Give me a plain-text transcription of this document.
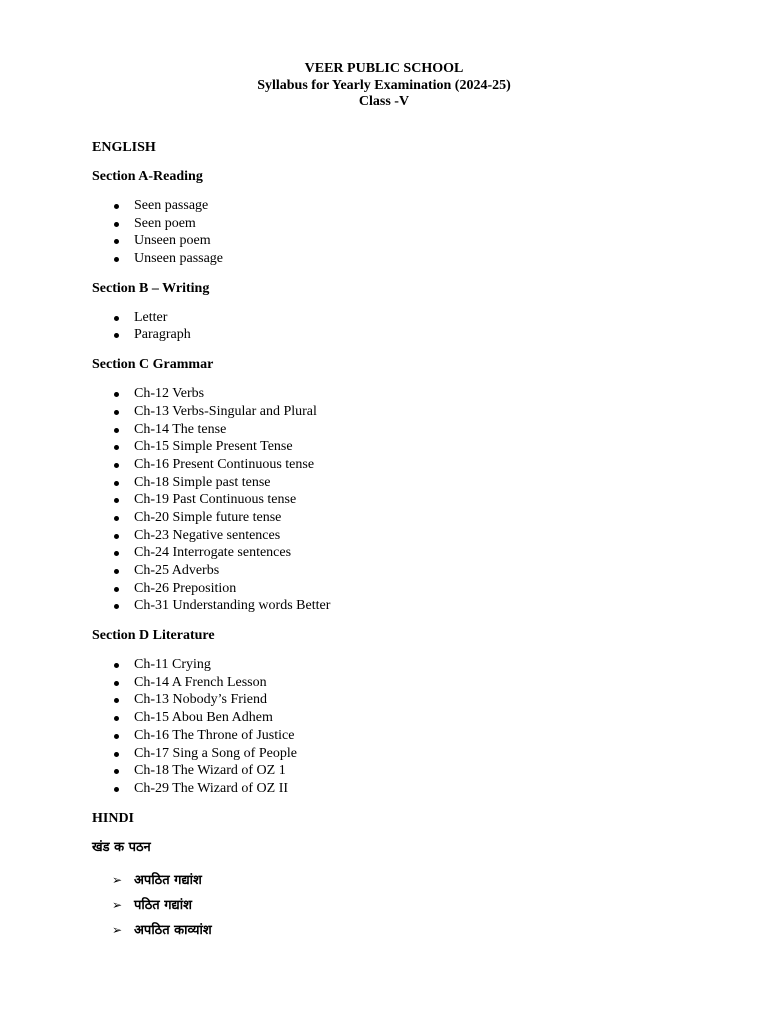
VEER PUBLIC SCHOOL
Syllabus for Yearly Examination (2024-25)
Class -V
ENGLISH
Section A-Reading
Seen passage
Seen poem
Unseen poem
Unseen passage
Section B – Writing
Letter
Paragraph
Section C Grammar
Ch-12 Verbs
Ch-13 Verbs-Singular and Plural
Ch-14 The tense
Ch-15 Simple Present Tense
Ch-16 Present Continuous tense
Ch-18 Simple past tense
Ch-19 Past Continuous tense
Ch-20 Simple future tense
Ch-23 Negative sentences
Ch-24 Interrogate sentences
Ch-25 Adverbs
Ch-26 Preposition
Ch-31 Understanding words Better
Section D Literature
Ch-11 Crying
Ch-14 A French Lesson
Ch-13 Nobody’s Friend
Ch-15 Abou Ben Adhem
Ch-16 The Throne of Justice
Ch-17 Sing a Song of People
Ch-18 The Wizard of OZ 1
Ch-29 The Wizard of OZ II
HINDI
खंड क पठन
➢ अपठित गद्यांश
➢ पठित गद्यांश
➢ अपठित काव्यांश
